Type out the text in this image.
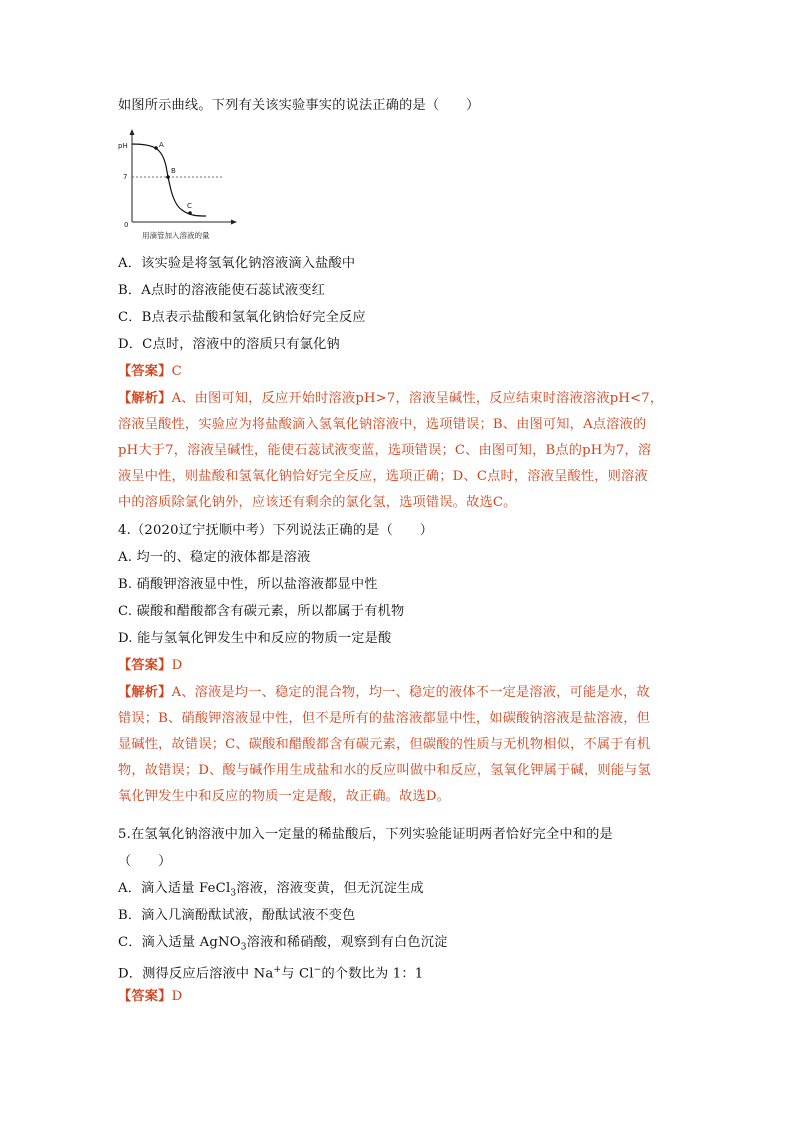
如图所示曲线。下列有关该实验事实的说法正确的是（　　）
pH
7
0
A
B
C
用滴管加入溶液的量
A．该实验是将氢氧化钠溶液滴入盐酸中
B．A点时的溶液能使石蕊试液变红
C．B点表示盐酸和氢氧化钠恰好完全反应
D．C点时，溶液中的溶质只有氯化钠
【答案】C
【解析】A、由图可知，反应开始时溶液pH>7，溶液呈碱性，反应结束时溶液溶液pH<7，
溶液呈酸性，实验应为将盐酸滴入氢氧化钠溶液中，选项错误；B、由图可知，A点溶液的
pH大于7，溶液呈碱性，能使石蕊试液变蓝，选项错误；C、由图可知，B点的pH为7，溶
液呈中性，则盐酸和氢氧化钠恰好完全反应，选项正确；D、C点时，溶液呈酸性，则溶液
中的溶质除氯化钠外，应该还有剩余的氯化氢，选项错误。故选C。
4.（2020辽宁抚顺中考）下列说法正确的是（　　）
A. 均一的、稳定的液体都是溶液
B. 硝酸钾溶液显中性，所以盐溶液都显中性
C. 碳酸和醋酸都含有碳元素，所以都属于有机物
D. 能与氢氧化钾发生中和反应的物质一定是酸
【答案】D
【解析】A、溶液是均一、稳定的混合物，均一、稳定的液体不一定是溶液，可能是水，故
错误；B、硝酸钾溶液显中性，但不是所有的盐溶液都显中性，如碳酸钠溶液是盐溶液，但
显碱性，故错误；C、碳酸和醋酸都含有碳元素，但碳酸的性质与无机物相似，不属于有机
物，故错误；D、酸与碱作用生成盐和水的反应叫做中和反应，氢氧化钾属于碱，则能与氢
氧化钾发生中和反应的物质一定是酸，故正确。故选D。
5.在氢氧化钠溶液中加入一定量的稀盐酸后，下列实验能证明两者恰好完全中和的是
（　　）
A．滴入适量 FeCl$_3$溶液，溶液变黄，但无沉淀生成
B．滴入几滴酚酞试液，酚酞试液不变色
C．滴入适量 AgNO$_3$溶液和稀硝酸，观察到有白色沉淀
D．测得反应后溶液中 Na+与 Cl−的个数比为 1：1
【答案】D
